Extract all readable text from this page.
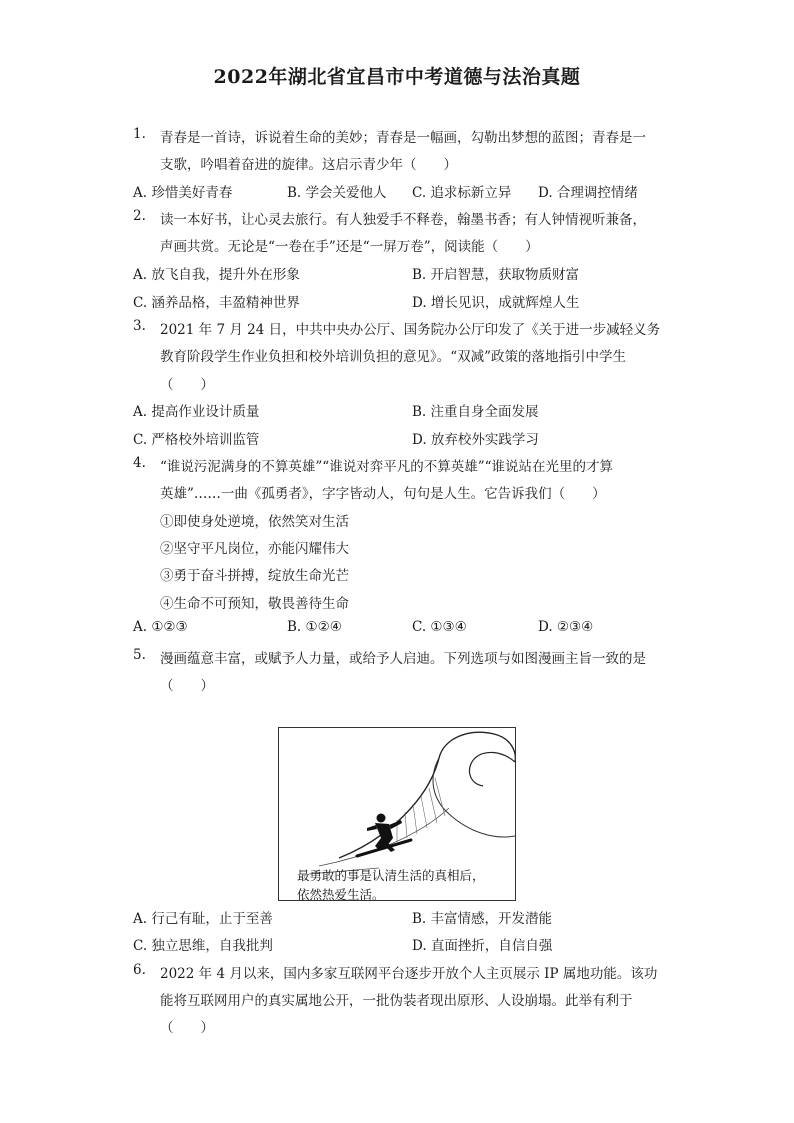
2022年湖北省宜昌市中考道德与法治真题
1. 青春是一首诗，诉说着生命的美妙；青春是一幅画，勾勒出梦想的蓝图；青春是一
支歌，吟唱着奋进的旋律。这启示青少年（　　）
A. 珍惜美好青春	B. 学会关爱他人 C. 追求标新立异 D. 合理调控情绪
2. 读一本好书，让心灵去旅行。有人独爱手不释卷，翰墨书香；有人钟情视听兼备，
声画共赏。无论是“一卷在手”还是“一屏万卷”，阅读能（　　）
A. 放飞自我，提升外在形象	B. 开启智慧，获取物质财富
C. 涵养品格，丰盈精神世界	D. 增长见识，成就辉煌人生
3. 2021 年 7 月 24 日，中共中央办公厅、国务院办公厅印发了《关于进一步减轻义务
教育阶段学生作业负担和校外培训负担的意见》。“双减”政策的落地指引中学生
（　　）
A. 提高作业设计质量	B. 注重自身全面发展
C. 严格校外培训监管	D. 放弃校外实践学习
4. “谁说污泥满身的不算英雄”“谁说对弈平凡的不算英雄”“谁说站在光里的才算
英雄”……一曲《孤勇者》，字字皆动人，句句是人生。它告诉我们（　　）
①即使身处逆境，依然笑对生活
②坚守平凡岗位，亦能闪耀伟大
③勇于奋斗拼搏，绽放生命光芒
④生命不可预知，敬畏善待生命
A. ①②③	B. ①②④	C. ①③④	D. ②③④
5. 漫画蕴意丰富，或赋予人力量，或给予人启迪。下列选项与如图漫画主旨一致的是
（　　）
最勇敢的事是认清生活的真相后，
依然热爱生活。
A. 行己有耻，止于至善	B. 丰富情感，开发潜能
C. 独立思维，自我批判	D. 直面挫折，自信自强
6. 2022 年 4 月以来，国内多家互联网平台逐步开放个人主页展示 IP 属地功能。该功
能将互联网用户的真实属地公开，一批伪装者现出原形、人设崩塌。此举有利于
（　　）
